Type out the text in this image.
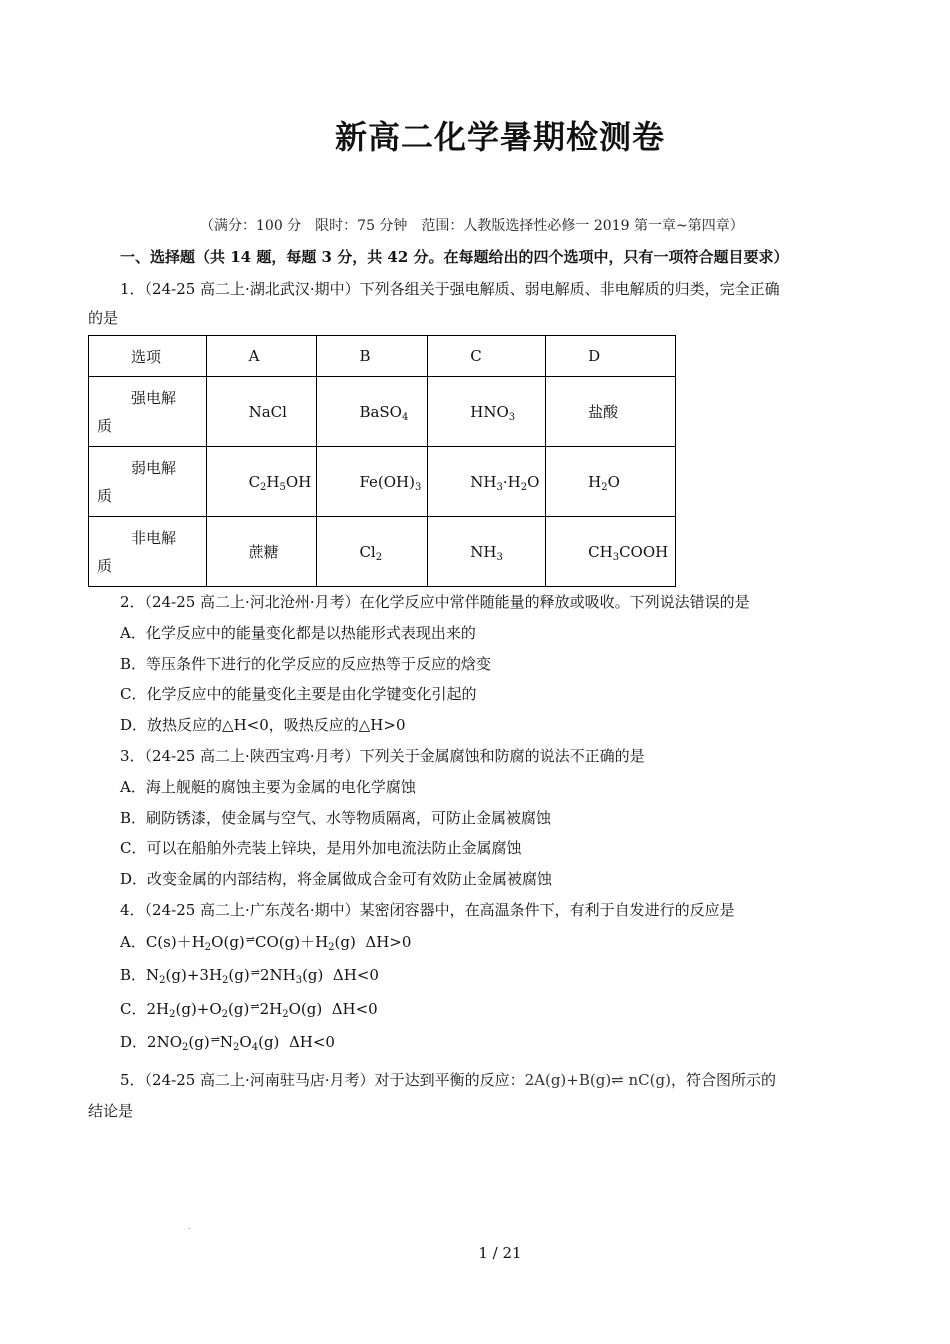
新高二化学暑期检测卷
（满分：100 分　限时：75 分钟　范围：人教版选择性必修一 2019 第一章~第四章）
一、选择题（共 14 题，每题 3 分，共 42 分。在每题给出的四个选项中，只有一项符合题目要求）
1．（24-25 高二上·湖北武汉·期中）下列各组关于强电解质、弱电解质、非电解质的归类，完全正确
的是
选项	A	B	C	D

强电解
质	NaCl	BaSO$_4$	$HNO_3$	盐酸

弱电解
质	$C_2H_5OH$	$Fe(OH)_3$	$NH_3\cdot H_2O$	$H_2O$

非电解
质	蔗糖	$Cl_2$	$NH_3$	$CH_3COOH$
2．（24-25 高二上·河北沧州·月考）在化学反应中常伴随能量的释放或吸收。下列说法错误的是
A．化学反应中的能量变化都是以热能形式表现出来的
B．等压条件下进行的化学反应的反应热等于反应的焓变
C．化学反应中的能量变化主要是由化学键变化引起的
D．放热反应的△H<0，吸热反应的△H>0
3．（24-25 高二上·陕西宝鸡·月考）下列关于金属腐蚀和防腐的说法不正确的是
A．海上舰艇的腐蚀主要为金属的电化学腐蚀
B．刷防锈漆，使金属与空气、水等物质隔离，可防止金属被腐蚀
C．可以在船舶外壳装上锌块，是用外加电流法防止金属腐蚀
D．改变金属的内部结构，将金属做成合金可有效防止金属被腐蚀
4．（24-25 高二上·广东茂名·期中）某密闭容器中，在高温条件下，有利于自发进行的反应是
A．$C(s)+H_2O(g)\rightleftharpoons CO(g)+H_2(g)$  ΔH>0
B．$N_2(g)+3H_2(g)\rightleftharpoons 2NH_3(g)$  ΔH<0
C．$2H_2(g)+O_2(g)\rightleftharpoons 2H_2O(g)$  ΔH<0
D．$2NO_2(g)\rightleftharpoons N_2O_4(g)$  ΔH<0
5．（24-25 高二上·河南驻马店·月考）对于达到平衡的反应：2A(g)+B(g)⇌ nC(g)，符合图所示的
结论是
.
1 / 21
